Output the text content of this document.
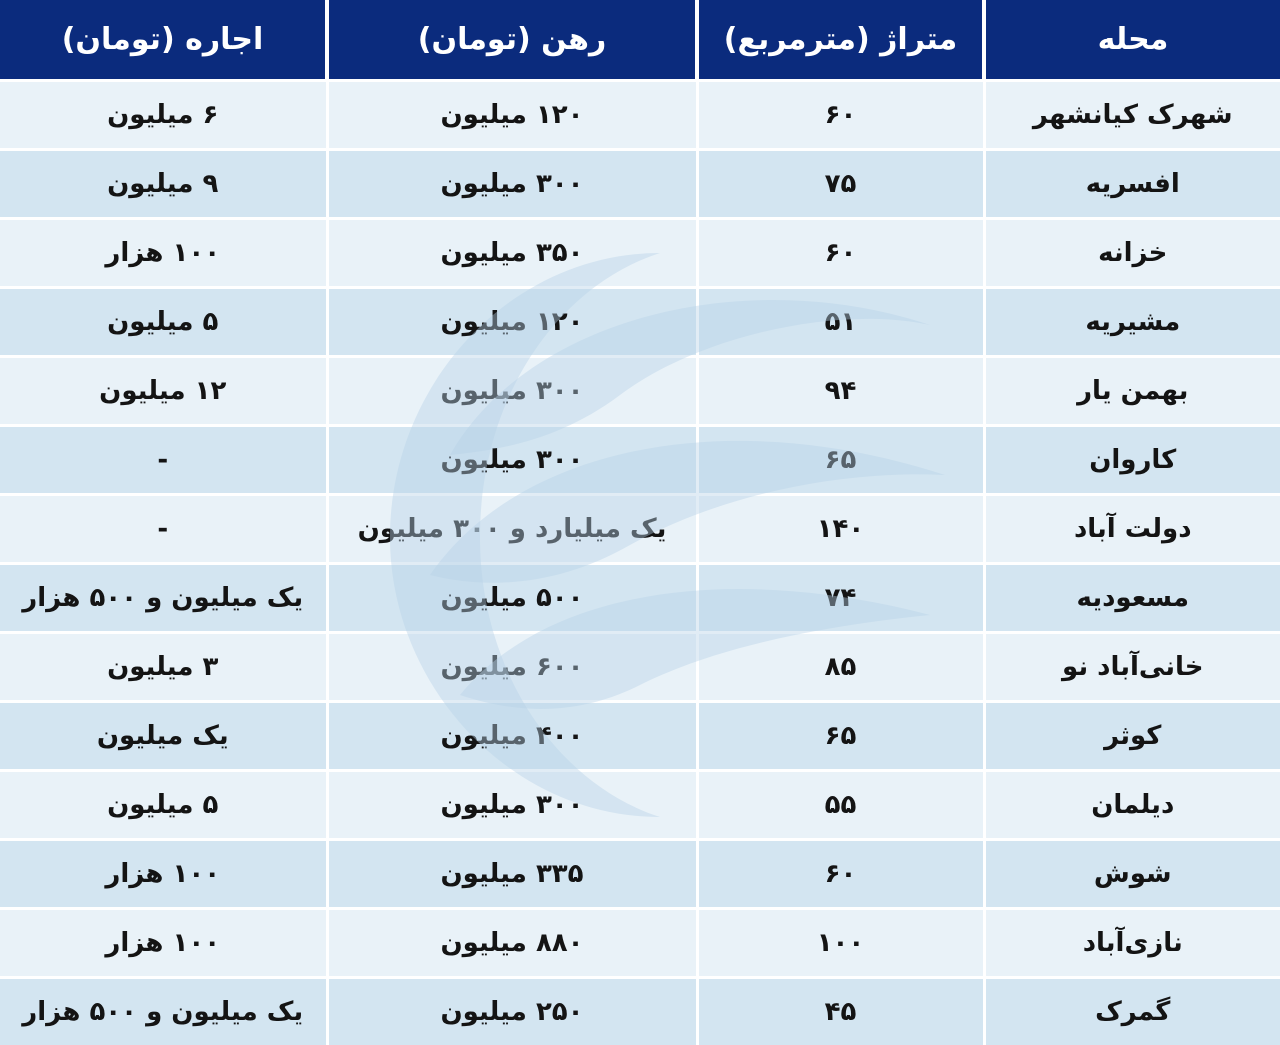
محله	متراژ (مترمربع)	رهن (تومان)	اجاره (تومان)
شهرک کیانشهر	۶۰	۱۲۰ میلیون	۶ میلیون
افسریه	۷۵	۳۰۰ میلیون	۹ میلیون
خزانه	۶۰	۳۵۰ میلیون	۱۰۰ هزار
مشیریه	۵۱	۱۲۰ میلیون	۵ میلیون
بهمن یار	۹۴	۳۰۰ میلیون	۱۲ میلیون
کاروان	۶۵	۳۰۰ میلیون	-
دولت آباد	۱۴۰	یک میلیارد و ۳۰۰ میلیون	-
مسعودیه	۷۴	۵۰۰ میلیون	یک میلیون و ۵۰۰ هزار
خانی‌آباد نو	۸۵	۶۰۰ میلیون	۳ میلیون
کوثر	۶۵	۴۰۰ میلیون	یک میلیون
دیلمان	۵۵	۳۰۰ میلیون	۵ میلیون
شوش	۶۰	۳۳۵ میلیون	۱۰۰ هزار
نازی‌آباد	۱۰۰	۸۸۰ میلیون	۱۰۰ هزار
گمرک	۴۵	۲۵۰ میلیون	یک میلیون و ۵۰۰ هزار
